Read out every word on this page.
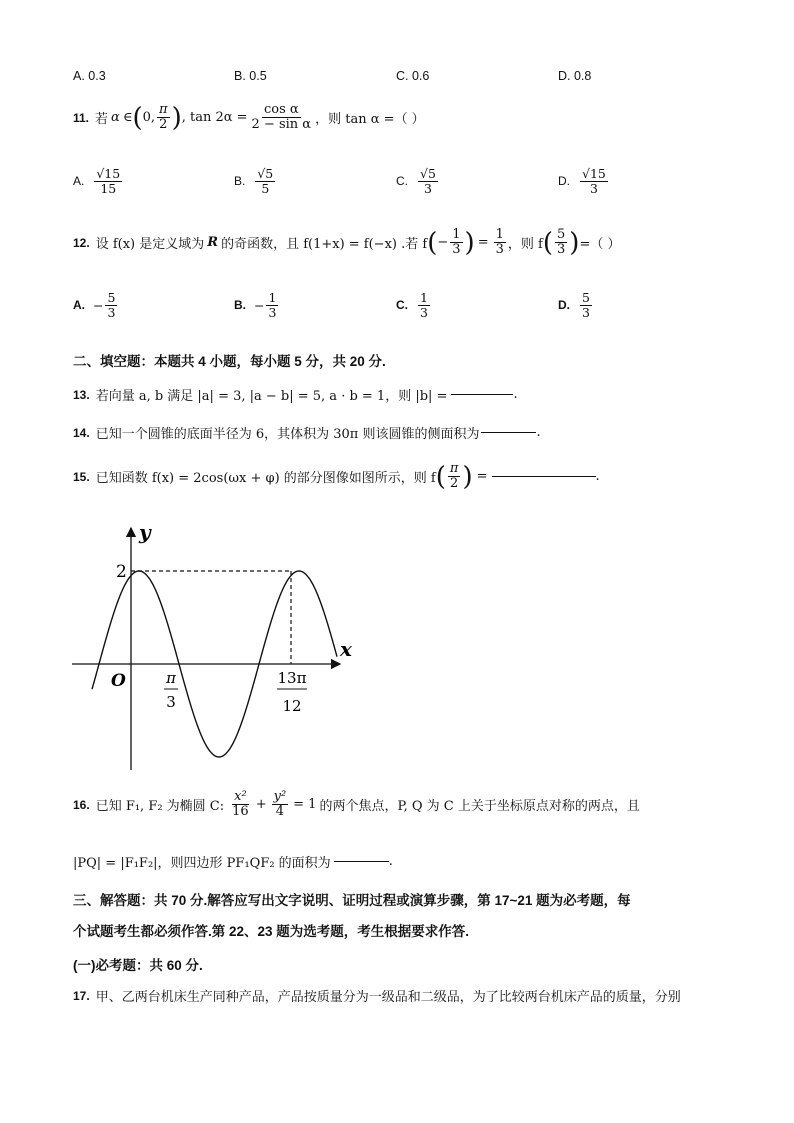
A. 0.3	B. 0.5	C. 0.6	D. 0.8
11. 若 α ∈ ( 0, $\frac{\pi}{2}$ ) , $\tan 2\alpha = \frac{\text{cos α}}{\text{2 − sin α}}$ ，则 tan α =（ ）
A. $\frac{√15}{15}$	B. $\frac{√5}{5}$	C. $\frac{√5}{3}$	D. $\frac{√15}{3}$
12. 设 f(x) 是定义域为 R 的奇函数，且 f(1+x) = f(−x) .若 f ( − $\frac{1}{3}$ ) = $\frac{1}{3}$ ，则 f ( $\frac{5}{3}$ ) =（ ）
A. − $\frac{5}{3}$	B. − $\frac{1}{3}$	C. $\frac{1}{3}$	D. $\frac{5}{3}$
二、填空题：本题共 4 小题，每小题 5 分，共 20 分.
13. 若向量 a, b 满足 |a| = 3, |a − b| = 5, a · b = 1，则 |b| =	.
14. 已知一个圆锥的底面半径为 6，其体积为 30π 则该圆锥的侧面积为	.
15. 已知函数 f(x) = 2cos(ωx + φ) 的部分图像如图所示，则 f ( $\frac{\pi}{2}$ ) =	.
y
x
O
2
π
3
13π
12
16. 已知 F₁, F₂ 为椭圆 C: $\frac{\text{x²}}{16} + \frac{\text{y²}}{4} = 1$ 的两个焦点，P, Q 为 C 上关于坐标原点对称的两点，且
|PQ| = |F₁F₂|，则四边形 PF₁QF₂ 的面积为	.
三、解答题：共 70 分.解答应写出文字说明、证明过程或演算步骤，第 17~21 题为必考题，每
个试题考生都必须作答.第 22、23 题为选考题，考生根据要求作答.
(一)必考题：共 60 分.
17. 甲、乙两台机床生产同种产品，产品按质量分为一级品和二级品，为了比较两台机床产品的质量，分别
